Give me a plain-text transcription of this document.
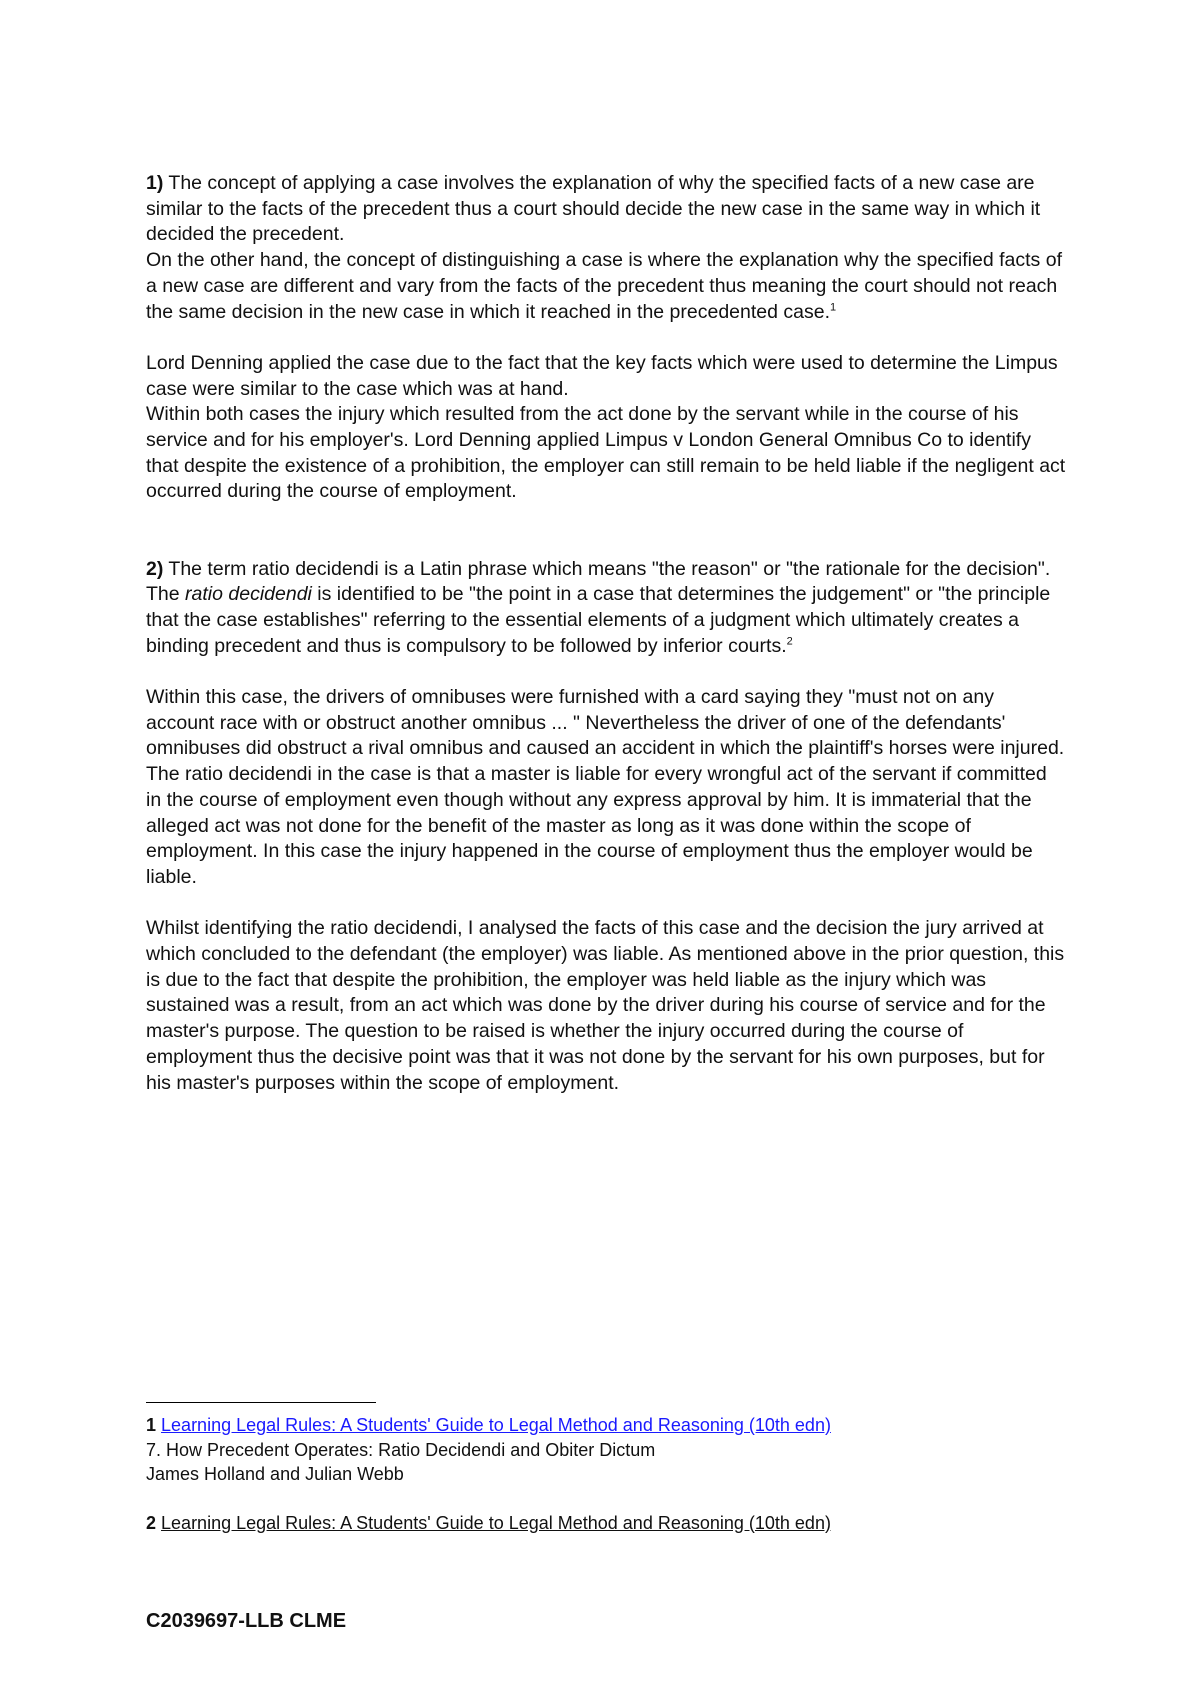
1) The concept of applying a case involves the explanation of why the specified facts of a new case are similar to the facts of the precedent thus a court should decide the new case in the same way in which it decided the precedent.

On the other hand, the concept of distinguishing a case is where the explanation why the specified facts of a new case are different and vary from the facts of the precedent thus meaning the court should not reach the same decision in the new case in which it reached in the precedented case.$^1$

Lord Denning applied the case due to the fact that the key facts which were used to determine the Limpus case were similar to the case which was at hand.

Within both cases the injury which resulted from the act done by the servant while in the course of his service and for his employer's. Lord Denning applied Limpus v London General Omnibus Co to identify that despite the existence of a prohibition, the employer can still remain to be held liable if the negligent act occurred during the course of employment.

2) The term ratio decidendi is a Latin phrase which means "the reason" or "the rationale for the decision". The ratio decidendi is identified to be "the point in a case that determines the judgement" or "the principle that the case establishes" referring to the essential elements of a judgment which ultimately creates a binding precedent and thus is compulsory to be followed by inferior courts.$^2$

Within this case, the drivers of omnibuses were furnished with a card saying they "must not on any account race with or obstruct another omnibus ... " Nevertheless the driver of one of the defendants' omnibuses did obstruct a rival omnibus and caused an accident in which the plaintiff's horses were injured. The ratio decidendi in the case is that a master is liable for every wrongful act of the servant if committed in the course of employment even though without any express approval by him. It is immaterial that the alleged act was not done for the benefit of the master as long as it was done within the scope of employment. In this case the injury happened in the course of employment thus the employer would be liable.

Whilst identifying the ratio decidendi, I analysed the facts of this case and the decision the jury arrived at which concluded to the defendant (the employer) was liable. As mentioned above in the prior question, this is due to the fact that despite the prohibition, the employer was held liable as the injury which was sustained was a result, from an act which was done by the driver during his course of service and for the master's purpose. The question to be raised is whether the injury occurred during the course of employment thus the decisive point was that it was not done by the servant for his own purposes, but for his master's purposes within the scope of employment.

1 Learning Legal Rules: A Students' Guide to Legal Method and Reasoning (10th edn)

7. How Precedent Operates: Ratio Decidendi and Obiter Dictum

James Holland and Julian Webb

2 Learning Legal Rules: A Students' Guide to Legal Method and Reasoning (10th edn)

C2039697-LLB CLME
